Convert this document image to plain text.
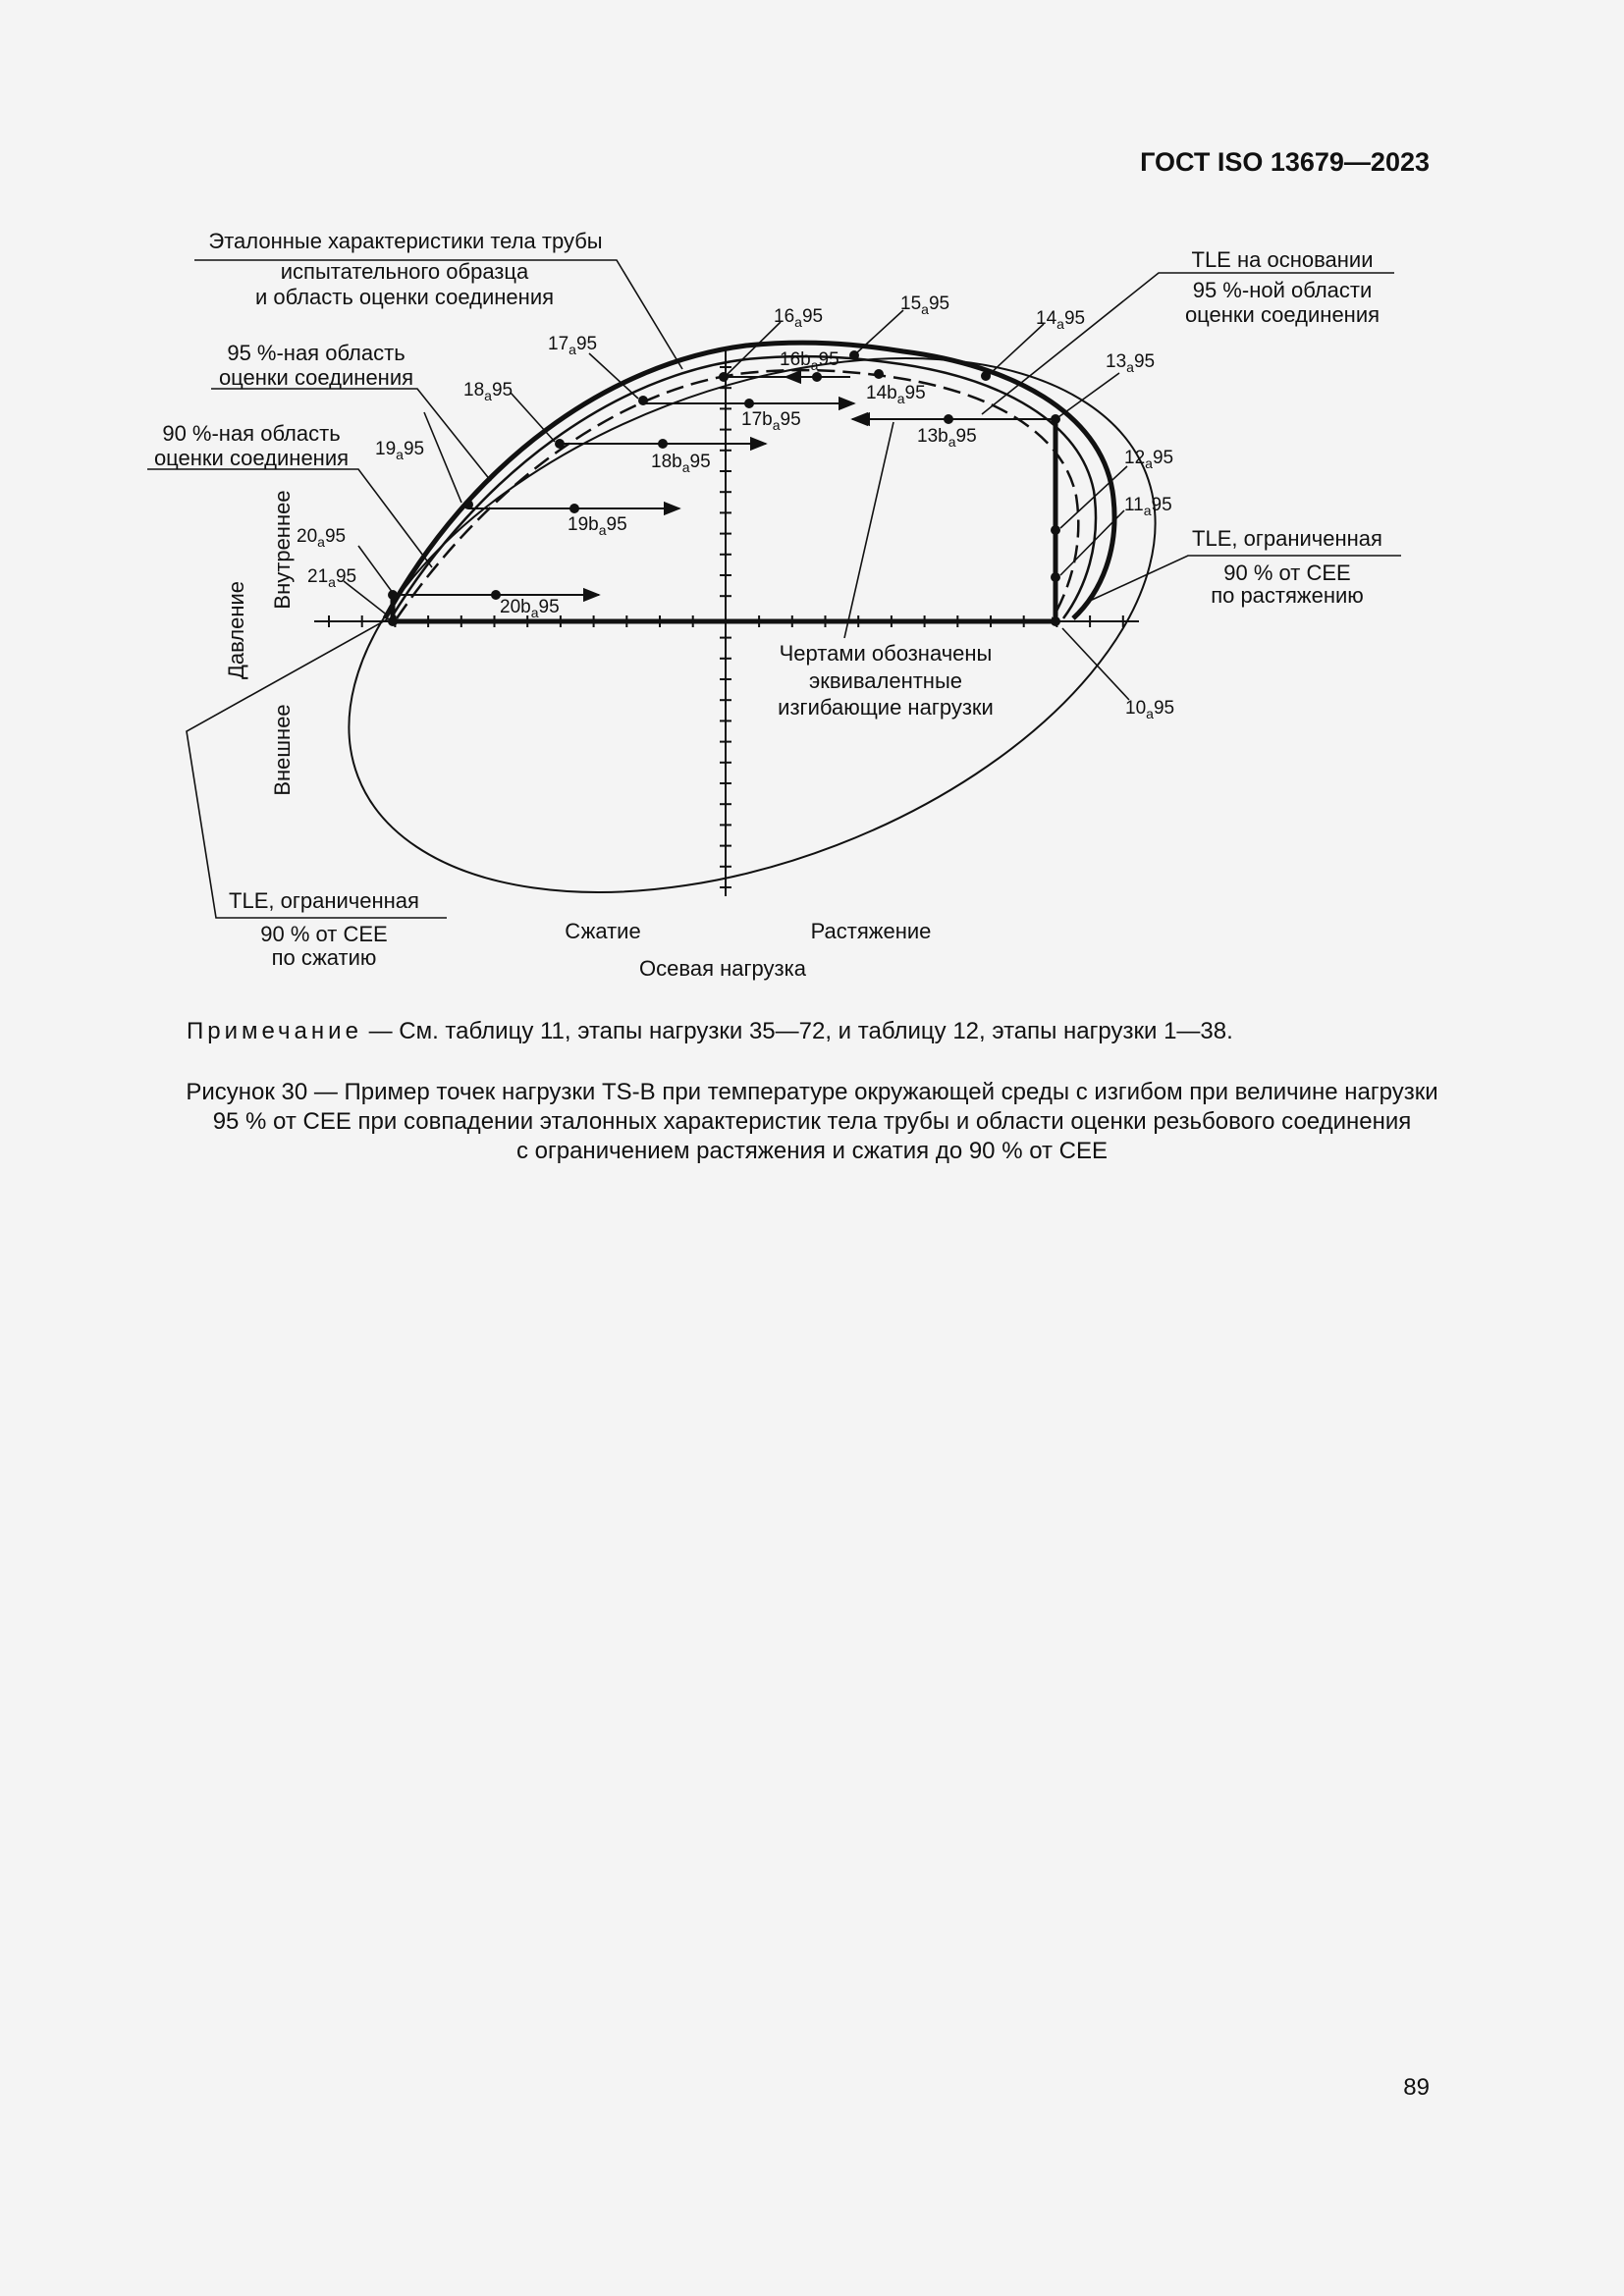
ГОСТ ISO 13679—2023
Эталонные характеристики тела трубы
испытательного образца
и область оценки соединения
95 %-ная область
оценки соединения
90 %-ная область
оценки соединения
TLE на основании
95 %-ной области
оценки соединения
TLE, ограниченная
90 % от CEE
по растяжению
TLE, ограниченная
90 % от CEE
по сжатию
Чертами обозначены
эквивалентные
изгибающие нагрузки
Давление
Внутреннее
Внешнее
Сжатие	Растяжение
Осевая нагрузка
$10_a95$
$11_a95$
$12_a95$
$13_a95$
$14_a95$
$15_a95$
$16_a95$
$17_a95$
$18_a95$
$19_a95$
$20_a95$
$21_a95$
$13b_a95$
$14b_a95$
$16b_a95$
$17b_a95$
$18b_a95$
$19b_a95$
$20b_a95$
Примечание — См. таблицу 11, этапы нагрузки 35—72, и таблицу 12, этапы нагрузки 1—38.
Рисунок 30 — Пример точек нагрузки TS-B при температуре окружающей среды с изгибом при величине нагрузки
95 % от CEE при совпадении эталонных характеристик тела трубы и области оценки резьбового соединения
с ограничением растяжения и сжатия до 90 % от CEE
89
